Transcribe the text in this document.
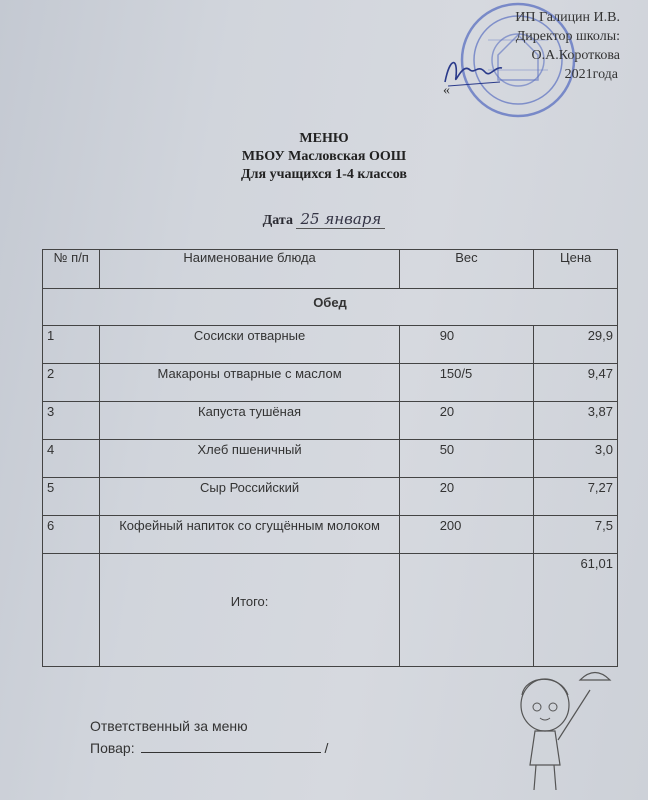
ИП Галицин И.В.
Директор школы:
О.А.Короткова
2021года
«
МЕНЮ
МБОУ Масловская ООШ
Для учащихся 1-4 классов
Дата 25 января
№ п/п	Наименование блюда	Вес	Цена
Обед			
1	Сосиски отварные	90	29,9
2	Макароны отварные с маслом	150/5	9,47
3	Капуста тушёная	20	3,87
4	Хлеб пшеничный	50	3,0
5	Сыр Российский	20	7,27
6	Кофейный напиток со сгущённым молоком	200	7,5
	Итого:		61,01
Ответственный за меню
Повар:	/
